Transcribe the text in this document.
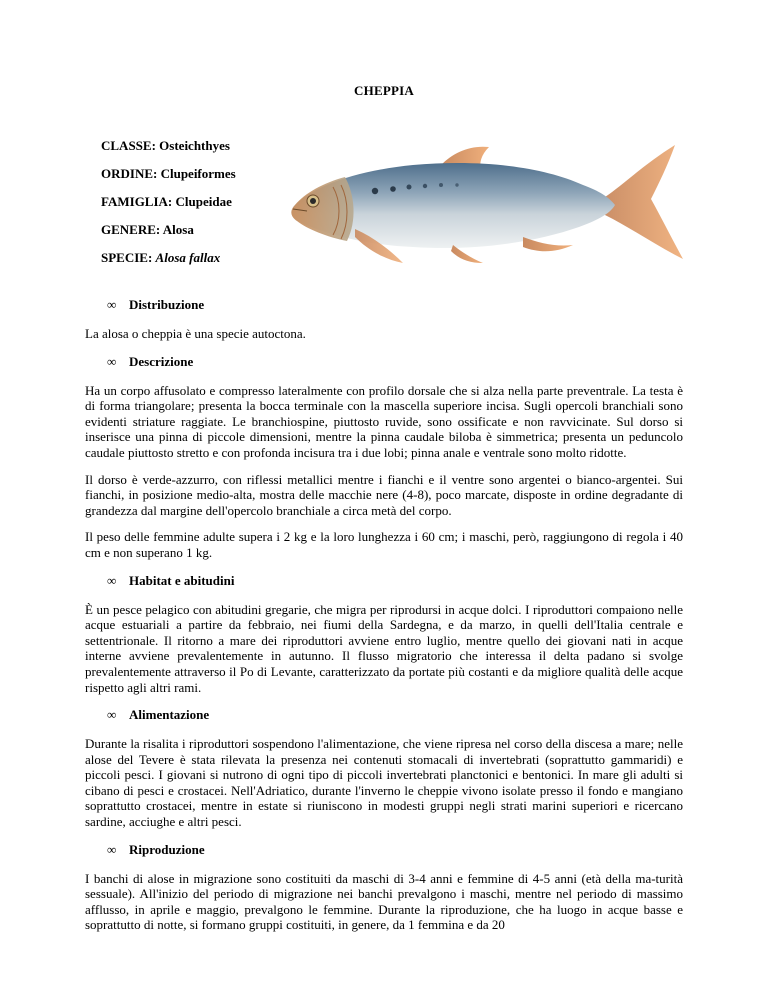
CHEPPIA
CLASSE: Osteichthyes
ORDINE: Clupeiformes
FAMIGLIA: Clupeidae
GENERE: Alosa
SPECIE: Alosa fallax
∞ Distribuzione

La alosa o cheppia è una specie autoctona.

∞ Descrizione

Ha un corpo affusolato e compresso lateralmente con profilo dorsale che si alza nella parte preventrale. La testa è di forma triangolare; presenta la bocca terminale con la mascella superiore incisa. Sugli opercoli branchiali sono evidenti striature raggiate. Le branchiospine, piuttosto ruvide, sono ossificate e non ravvicinate. Sul dorso si inserisce una pinna di piccole dimensioni, mentre la pinna caudale biloba è simmetrica; presenta un peduncolo caudale piuttosto stretto e con profonda incisura tra i due lobi; pinna anale e ventrale sono molto ridotte.

Il dorso è verde-azzurro, con riflessi metallici mentre i fianchi e il ventre sono argentei o bianco-argentei. Sui fianchi, in posizione medio-alta, mostra delle macchie nere (4-8), poco marcate, disposte in ordine degradante di grandezza dal margine dell'opercolo branchiale a circa metà del corpo.

Il peso delle femmine adulte supera i 2 kg e la loro lunghezza i 60 cm; i maschi, però, raggiungono di regola i 40 cm e non superano 1 kg.

∞ Habitat e abitudini

È un pesce pelagico con abitudini gregarie, che migra per riprodursi in acque dolci. I riproduttori compaiono nelle acque estuariali a partire da febbraio, nei fiumi della Sardegna, e da marzo, in quelli dell'Italia centrale e settentrionale. Il ritorno a mare dei riproduttori avviene entro luglio, mentre quello dei giovani nati in acque interne avviene prevalentemente in autunno. Il flusso migratorio che interessa il delta padano si svolge prevalentemente attraverso il Po di Levante, caratterizzato da portate più costanti e da migliore qualità delle acque rispetto agli altri rami.

∞ Alimentazione

Durante la risalita i riproduttori sospendono l'alimentazione, che viene ripresa nel corso della discesa a mare; nelle alose del Tevere è stata rilevata la presenza nei contenuti stomacali di invertebrati (soprattutto gammaridi) e piccoli pesci. I giovani si nutrono di ogni tipo di piccoli invertebrati planctonici e bentonici. In mare gli adulti si cibano di pesci e crostacei. Nell'Adriatico, durante l'inverno le cheppie vivono isolate presso il fondo e mangiano soprattutto crostacei, mentre in estate si riuniscono in modesti gruppi negli strati marini superiori e ricercano sardine, acciughe e altri pesci.

∞ Riproduzione

I banchi di alose in migrazione sono costituiti da maschi di 3-4 anni e femmine di 4-5 anni (età della ma-turità sessuale). All'inizio del periodo di migrazione nei banchi prevalgono i maschi, mentre nel periodo di massimo afflusso, in aprile e maggio, prevalgono le femmine. Durante la riproduzione, che ha luogo in acque basse e soprattutto di notte, si formano gruppi costituiti, in genere, da 1 femmina e da 20
